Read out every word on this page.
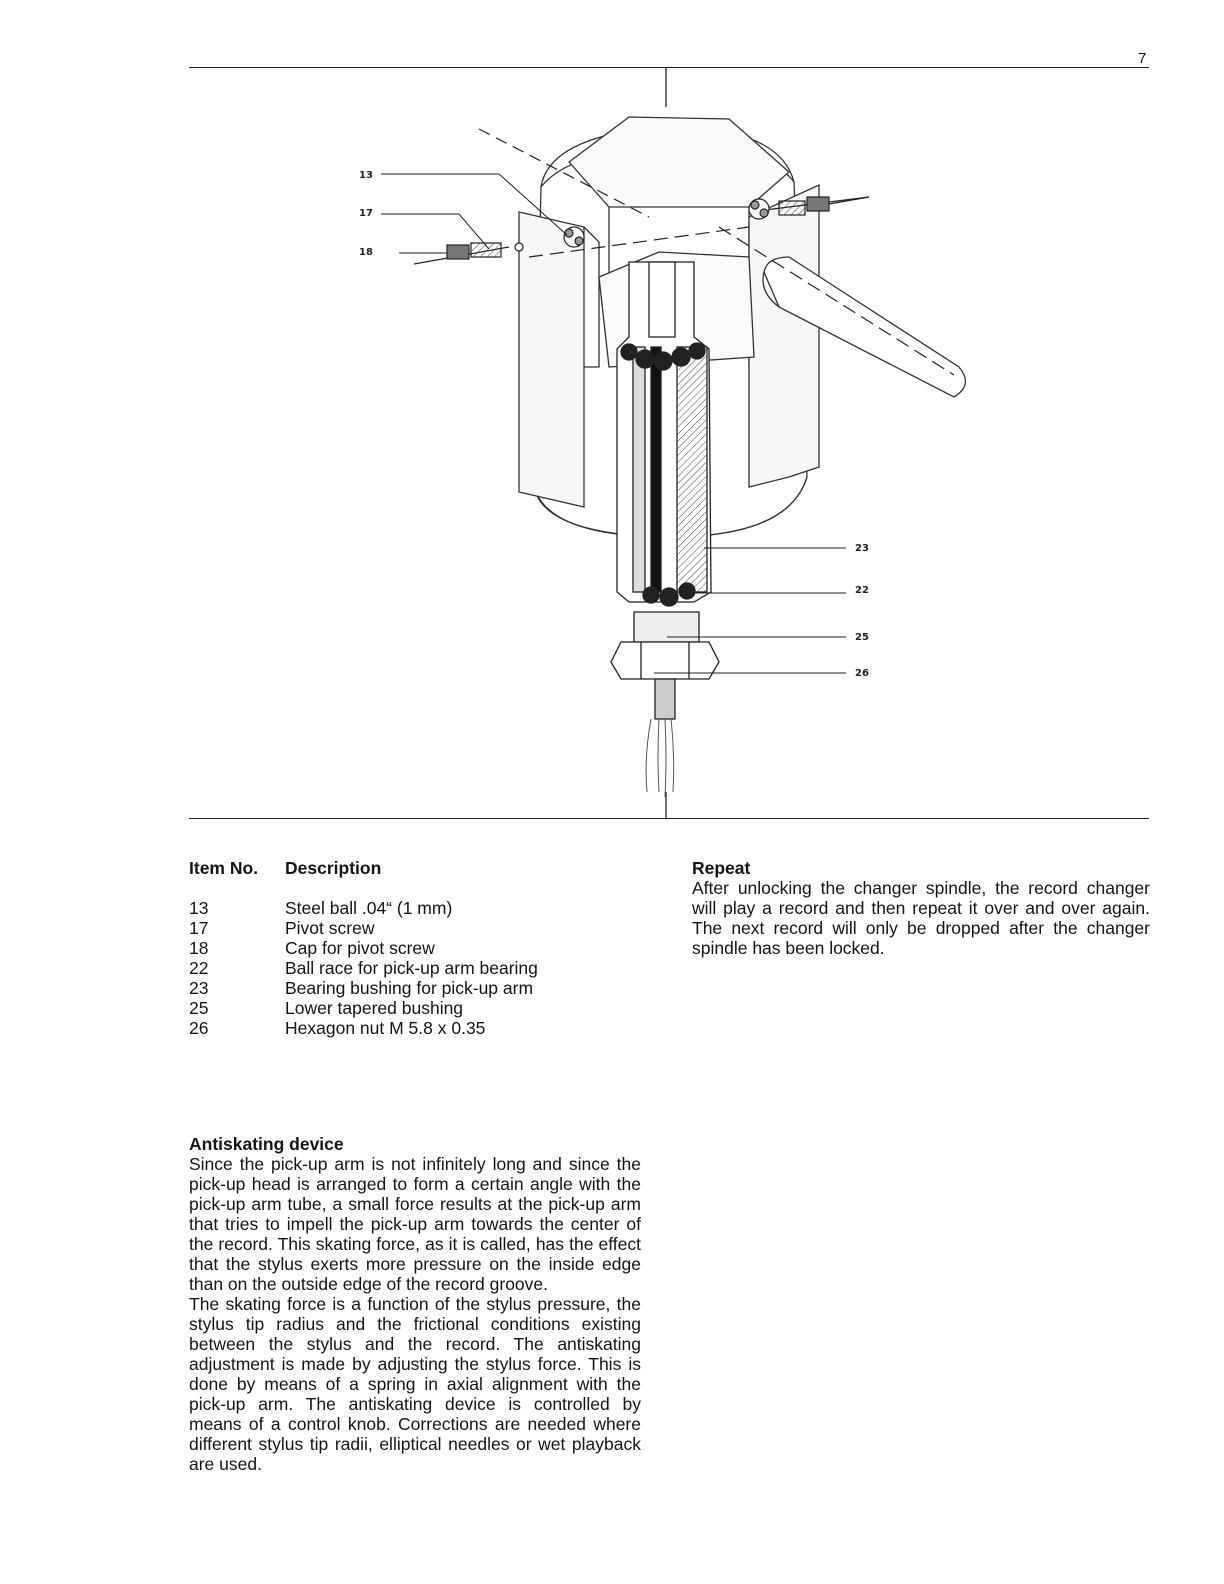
7
13
17
18
23
22
25
26
Item No.	Description
13	Steel ball .04“ (1 mm)
17	Pivot screw
18	Cap for pivot screw
22	Ball race for pick-up arm bearing
23	Bearing bushing for pick-up arm
25	Lower tapered bushing
26	Hexagon nut M 5.8 x 0.35
Repeat

After unlocking the changer spindle, the record changer will play a record and then repeat it over and over again. The next record will only be dropped after the changer spindle has been locked.

Antiskating device

Since the pick-up arm is not infinitely long and since the pick-up head is arranged to form a certain angle with the pick-up arm tube, a small force results at the pick-up arm that tries to impell the pick-up arm towards the center of the record. This skating force, as it is called, has the effect that the stylus exerts more pressure on the inside edge than on the outside edge of the record groove.

The skating force is a function of the stylus pressure, the stylus tip radius and the frictional conditions existing between the stylus and the record. The antiskating adjustment is made by adjusting the stylus force. This is done by means of a spring in axial alignment with the pick-up arm. The antiskating device is controlled by means of a control knob. Corrections are needed where different stylus tip radii, elliptical needles or wet playback are used.
